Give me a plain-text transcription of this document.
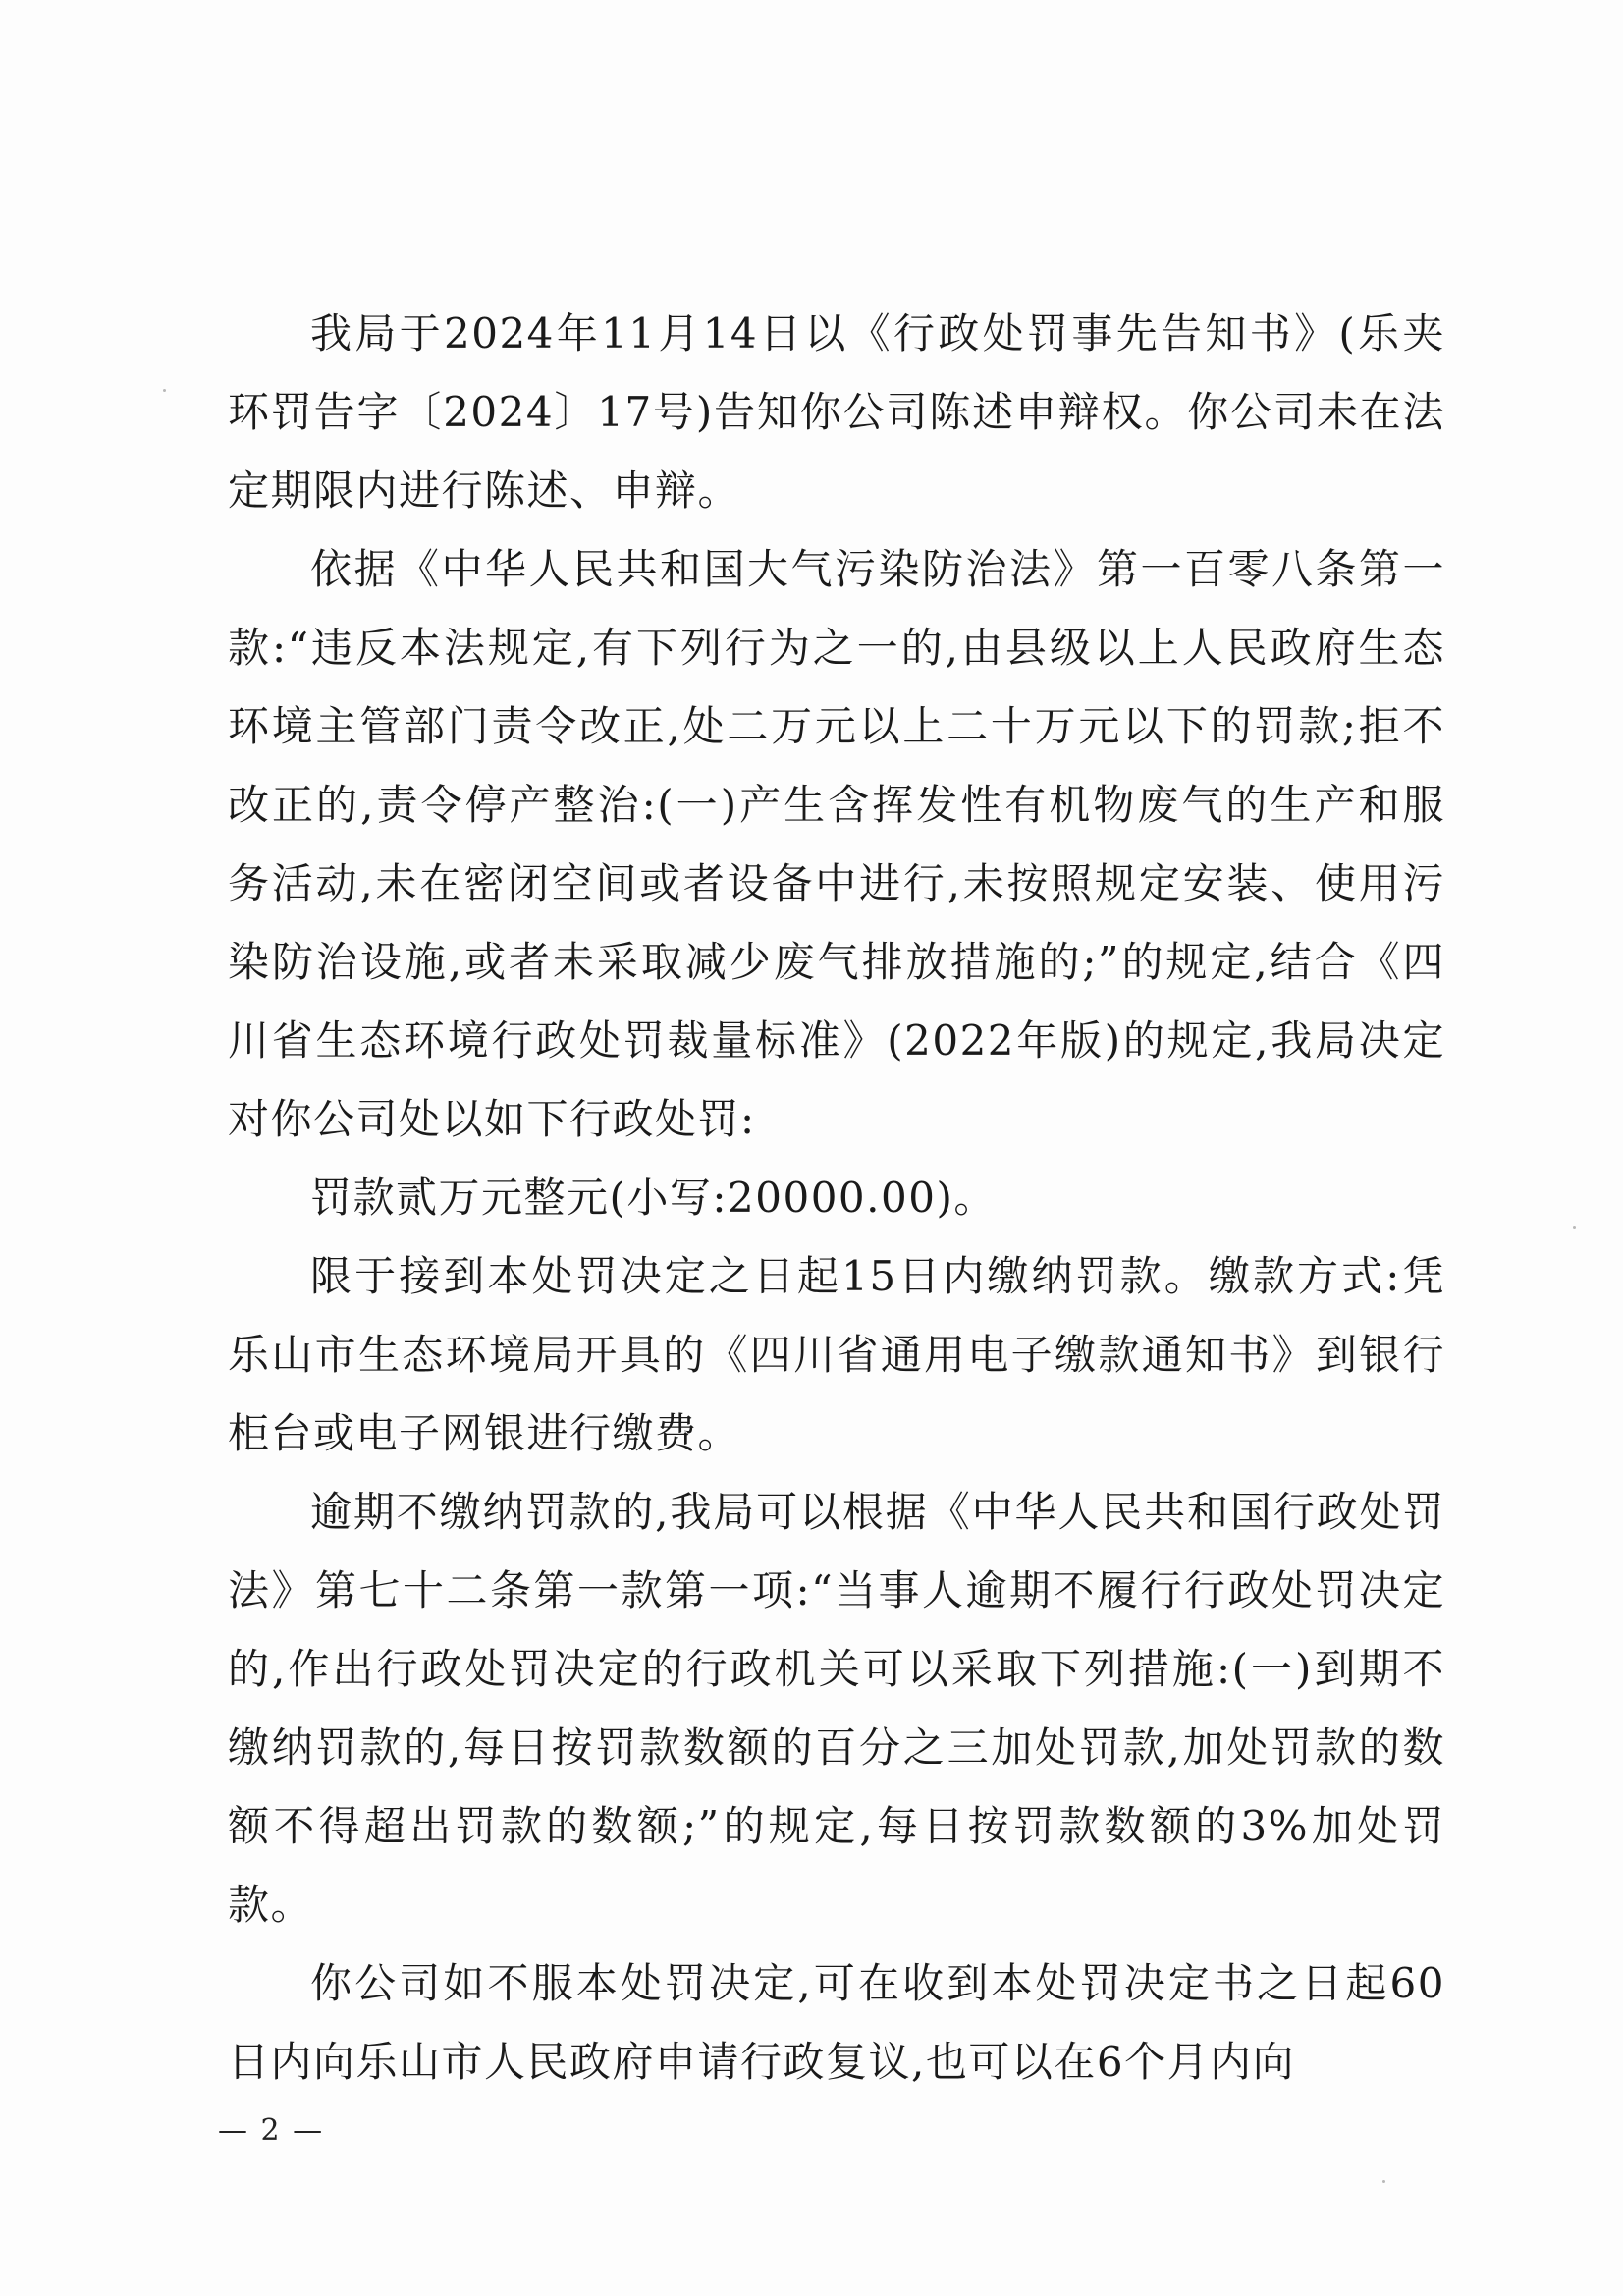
我局于2024年11月14日以《行政处罚事先告知书》(乐夹环罚告字〔2024〕17号)告知你公司陈述申辩权。你公司未在法定期限内进行陈述、申辩。

依据《中华人民共和国大气污染防治法》第一百零八条第一款:“违反本法规定,有下列行为之一的,由县级以上人民政府生态环境主管部门责令改正,处二万元以上二十万元以下的罚款;拒不改正的,责令停产整治:(一)产生含挥发性有机物废气的生产和服务活动,未在密闭空间或者设备中进行,未按照规定安装、使用污染防治设施,或者未采取减少废气排放措施的;”的规定,结合《四川省生态环境行政处罚裁量标准》(2022年版)的规定,我局决定对你公司处以如下行政处罚:

罚款贰万元整元(小写:20000.00)。

限于接到本处罚决定之日起15日内缴纳罚款。缴款方式:凭乐山市生态环境局开具的《四川省通用电子缴款通知书》到银行柜台或电子网银进行缴费。

逾期不缴纳罚款的,我局可以根据《中华人民共和国行政处罚法》第七十二条第一款第一项:“当事人逾期不履行行政处罚决定的,作出行政处罚决定的行政机关可以采取下列措施:(一)到期不缴纳罚款的,每日按罚款数额的百分之三加处罚款,加处罚款的数额不得超出罚款的数额;”的规定,每日按罚款数额的3%加处罚款。

你公司如不服本处罚决定,可在收到本处罚决定书之日起60日内向乐山市人民政府申请行政复议,也可以在6个月内向

— 2 —
